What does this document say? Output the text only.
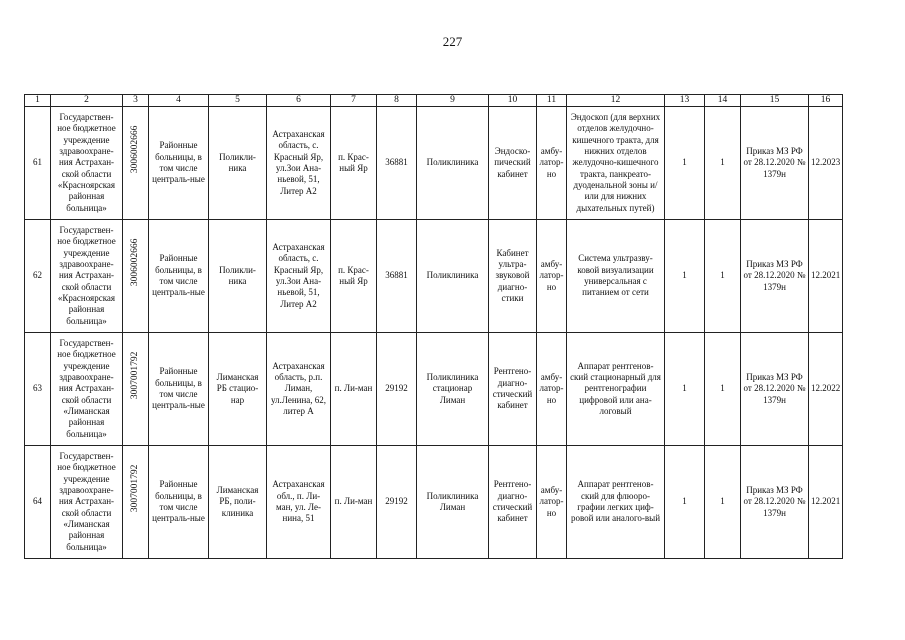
227
1	2	3	4	5	6	7	8	9	10	11	12	13	14	15	16
61	Государствен-ное бюджетное учреждение здравоохране-ния Астрахан-ской области «Красноярская районная больница»	3006002666	Районные больницы, в том числе централь-ные	Поликли-ника	Астраханская область, с. Красный Яр, ул.Зои Ана-ньевой, 51, Литер А2	п. Крас-ный Яр	36881	Поликлиника	Эндоско-пический кабинет	амбу-латор-но	Эндоскоп (для верхних отделов желудочно-кишечного тракта, для нижних отделов желудочно-кишечного тракта, панкреато-дуоденальной зоны и/или для нижних дыхательных путей)	1	1	Приказ МЗ РФ от 28.12.2020 № 1379н	12.2023
62	Государствен-ное бюджетное учреждение здравоохране-ния Астрахан-ской области «Красноярская районная больница»	3006002666	Районные больницы, в том числе централь-ные	Поликли-ника	Астраханская область, с. Красный Яр, ул.Зои Ана-ньевой, 51, Литер А2	п. Крас-ный Яр	36881	Поликлиника	Кабинет ультра-звуковой диагно-стики	амбу-латор-но	Система ультразву-ковой визуализации универсальная с питанием от сети	1	1	Приказ МЗ РФ от 28.12.2020 № 1379н	12.2021
63	Государствен-ное бюджетное учреждение здравоохране-ния Астрахан-ской области «Лиманская районная больница»	3007001792	Районные больницы, в том числе централь-ные	Лиманская РБ стацио-нар	Астраханская область, р.п. Лиман, ул.Ленина, 62, литер А	п. Ли-ман	29192	Поликлиника стационар Лиман	Рентгено-диагно-стический кабинет	амбу-латор-но	Аппарат рентгенов-ский стационарный для рентгенографии цифровой или ана-логовый	1	1	Приказ МЗ РФ от 28.12.2020 № 1379н	12.2022
64	Государствен-ное бюджетное учреждение здравоохране-ния Астрахан-ской области «Лиманская районная больница»	3007001792	Районные больницы, в том числе централь-ные	Лиманская РБ, поли-клиника	Астраханская обл., п. Ли-ман, ул. Ле-нина, 51	п. Ли-ман	29192	Поликлиника Лиман	Рентгено-диагно-стический кабинет	амбу-латор-но	Аппарат рентгенов-ский для флюоро-графии легких циф-ровой или аналого-вый	1	1	Приказ МЗ РФ от 28.12.2020 № 1379н	12.2021
